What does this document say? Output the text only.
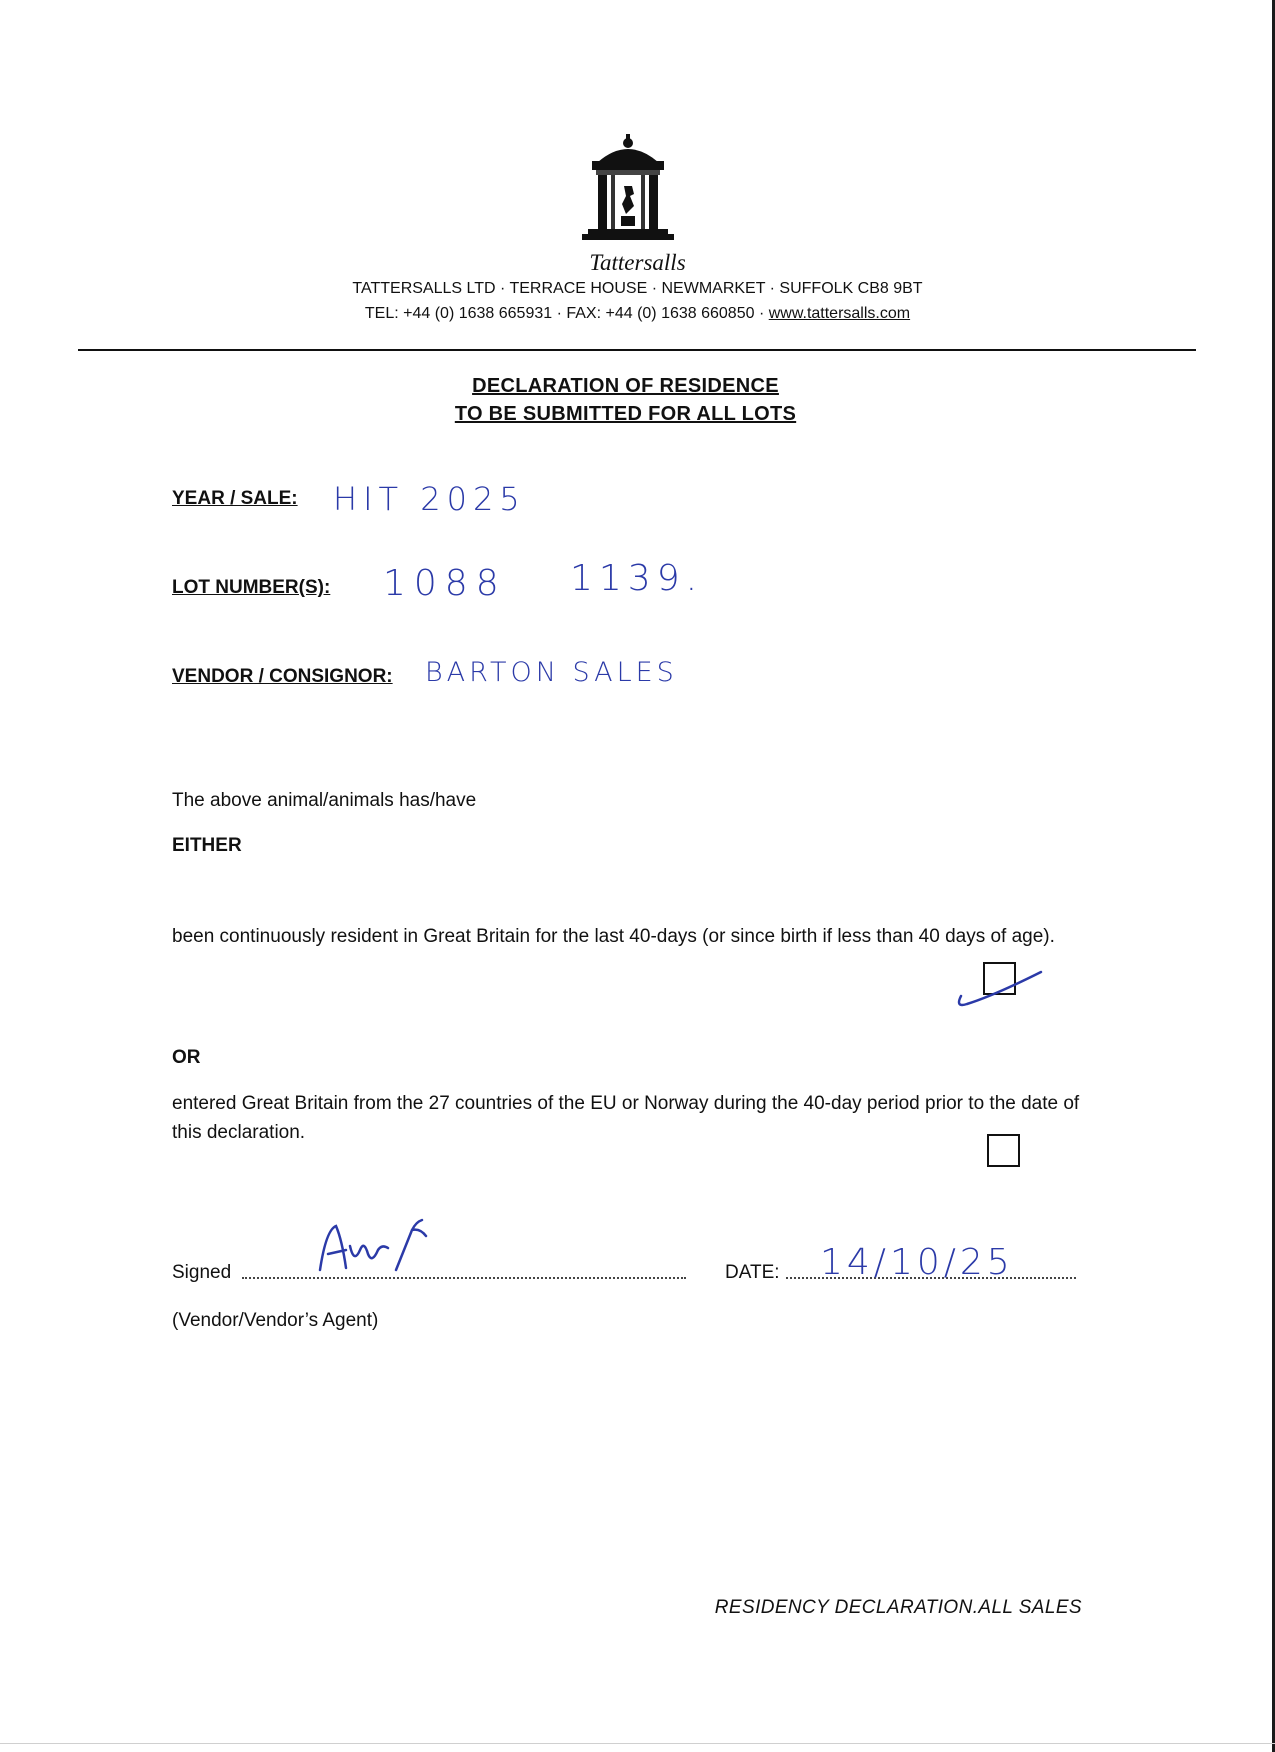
Tattersalls
TATTERSALLS LTD · TERRACE HOUSE · NEWMARKET · SUFFOLK CB8 9BT
TEL: +44 (0) 1638 665931 · FAX: +44 (0) 1638 660850 · www.tattersalls.com
DECLARATION OF RESIDENCE
TO BE SUBMITTED FOR ALL LOTS
YEAR / SALE: HIT 2025
LOT NUMBER(S): 1088 1139.
VENDOR / CONSIGNOR: BARTON SALES
The above animal/animals has/have
EITHER
been continuously resident in Great Britain for the last 40-days (or since birth if less than 40 days of age).
OR
entered Great Britain from the 27 countries of the EU or Norway during the 40-day period prior to the date of this declaration.
Signed
(Vendor/Vendor’s Agent)
DATE: 14/10/25
RESIDENCY DECLARATION.ALL SALES
